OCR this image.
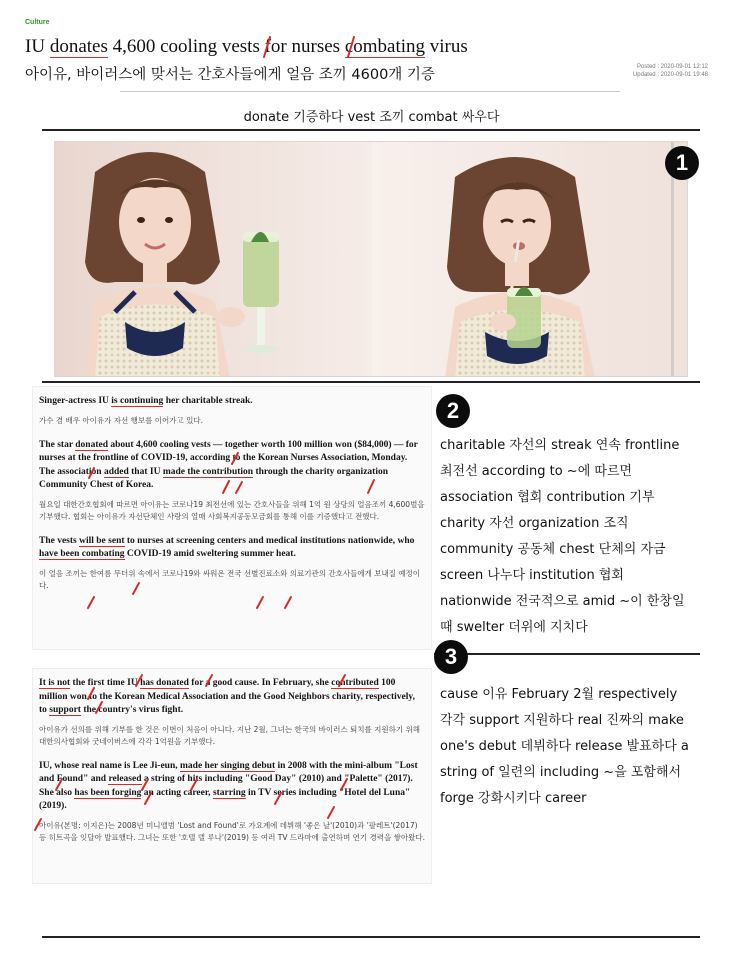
Culture
IU donates 4,600 cooling vests for nurses combating virus
아이유, 바이러스에 맞서는 간호사들에게 얼음 조끼 4600개 기증	Posted : 2020-09-01 12:12
Updated : 2020-09-01 19:48
donate 기증하다 vest 조끼 combat 싸우다
1
Singer-actress IU is continuing her charitable streak.
가수 겸 배우 아이유가 자선 행보를 이어가고 있다.
The star donated about 4,600 cooling vests — together worth 100 million won ($84,000) — for nurses at the frontline of COVID-19, according to the Korean Nurses Association, Monday. The association added that IU made the contribution through the charity organization Community Chest of Korea.
월요일 대한간호협회에 따르면 아이유는 코로나19 최전선에 있는 간호사들을 위해 1억 원 상당의 얼음조끼 4,600벌을 기부했다. 협회는 아이유가 자선단체인 사랑의 열매 사회복지공동모금회를 통해 이를 기증했다고 전했다.
The vests will be sent to nurses at screening centers and medical institutions nationwide, who have been combating COVID-19 amid sweltering summer heat.
이 얼음 조끼는 한여름 무더위 속에서 코로나19와 싸워온 전국 선별진료소와 의료기관의 간호사들에게 보내질 예정이다.
2
charitable 자선의 streak 연속 frontline 최전선 according to ~에 따르면 association 협회 contribution 기부 charity 자선 organization 조직 community 공동체 chest 단체의 자금 screen 나누다 institution 협회 nationwide 전국적으로 amid ~이 한창일 때 swelter 더위에 지치다
3
It is not the first time IU has donated for a good cause. In February, she contributed 100 million won to the Korean Medical Association and the Good Neighbors charity, respectively, to support the country's virus fight.
아이유가 선의를 위해 기부를 한 것은 이번이 처음이 아니다. 지난 2월, 그녀는 한국의 바이러스 퇴치를 지원하기 위해 대한의사협회와 굿네이버스에 각각 1억원을 기부했다.
IU, whose real name is Lee Ji-eun, made her singing debut in 2008 with the mini-album "Lost and Found" and released a string of hits including "Good Day" (2010) and "Palette" (2017). She also has been forging an acting career, starring in TV series including "Hotel del Luna" (2019).
아이유(본명: 이지은)는 2008년 미니앨범 'Lost and Found'로 가요계에 데뷔해 '좋은 날'(2010)과 '팔레트'(2017) 등 히트곡을 잇달아 발표했다. 그녀는 또한 '호텔 델 루나'(2019) 등 여러 TV 드라마에 출연하며 연기 경력을 쌓아왔다.
cause 이유 February 2월 respectively 각각 support 지원하다 real 진짜의 make one's debut 데뷔하다 release 발표하다 a string of 일련의 including ~을 포함해서 forge 강화시키다 career
